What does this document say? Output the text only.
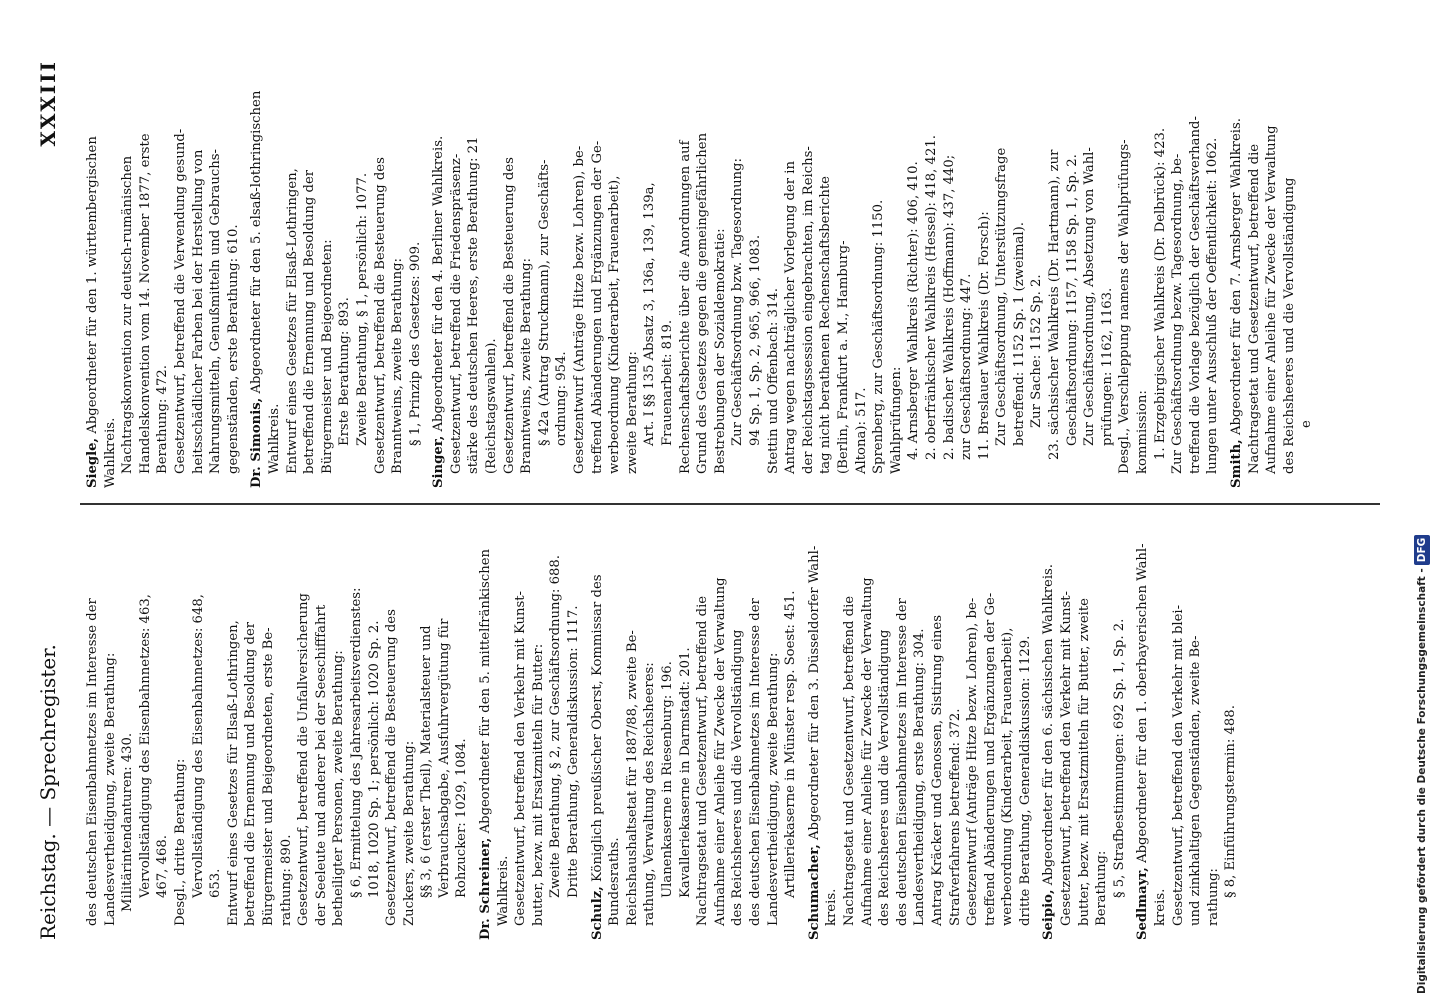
Reichstag. — Sprechregister.
XXXIII
des deutschen Eisenbahnnetzes im Interesse der Landesvertheidigung, zweite Berathung: Militärintendanturen: 430. Vervollständigung des Eisenbahnnetzes: 463, 467, 468. Desgl., dritte Berathung: Vervollständigung des Eisenbahnnetzes: 648, 653. Entwurf eines Gesetzes für Elsaß-Lothringen, betreffend die Ernennung und Besoldung der Bürgermeister und Beigeordneten, erste Be- rathung: 890. Gesetzentwurf, betreffend die Unfallversicherung der Seeleute und anderer bei der Seeschifffahrt betheiligter Personen, zweite Berathung: § 6, Ermittelung des Jahresarbeitsverdienstes: 1018, 1020 Sp. 1; persönlich: 1020 Sp. 2. Gesetzentwurf, betreffend die Besteuerung des Zuckers, zweite Berathung: §§ 3, 6 (erster Theil), Materialsteuer und Verbrauchsabgabe, Ausfuhrvergütung für Rohzucker: 1029, 1084. Dr. Schreiner, Abgeordneter für den 5. mittelfränkischen
Wahlkreis. Gesetzentwurf, betreffend den Verkehr mit Kunst- butter, bezw. mit Ersatzmitteln für Butter: Zweite Berathung, § 2, zur Geschäftsordnung: 688. Dritte Berathung, Generaldiskussion: 1117.
Schulz, Königlich preußischer Oberst, Kommissar des Bundesraths. Reichshaushaltsetat für 1887/88, zweite Be- rathung, Verwaltung des Reichsheeres: Ulanenkaserne in Riesenburg: 196. Kavalleriekaserne in Darmstadt: 201. Nachtragsetat und Gesetzentwurf, betreffend die Aufnahme einer Anleihe für Zwecke der Verwaltung des Reichsheeres und die Vervollständigung des deutschen Eisenbahnnetzes im Interesse der Landesvertheidigung, zweite Berathung: Artilleriekaserne in Münster resp. Soest: 451. Schumacher, Abgeordneter für den 3. Düsseldorfer Wahl-
kreis. Nachtragsetat und Gesetzentwurf, betreffend die Aufnahme einer Anleihe für Zwecke der Verwaltung des Reichsheeres und die Vervollständigung des deutschen Eisenbahnnetzes im Interesse der Landesvertheidigung, erste Berathung: 304. Antrag Kräcker und Genossen, Sistirung eines Strafverfahrens betreffend: 372. Gesetzentwurf (Anträge Hitze bezw. Lohren), be- treffend Abänderungen und Ergänzungen der Ge- werbeordnung (Kinderarbeit, Frauenarbeit), dritte Berathung, Generaldiskussion: 1129. Seipio, Abgeordneter für den 6. sächsischen Wahlkreis. Gesetzentwurf, betreffend den Verkehr mit Kunst- butter, bezw. mit Ersatzmitteln für Butter, zweite Berathung: § 5, Strafbestimmungen: 692 Sp. 1, Sp. 2.
Sedlmayr, Abgeordneter für den 1. oberbayerischen Wahl-
kreis. Gesetzentwurf, betreffend den Verkehr mit blei- und zinkhaltigen Gegenständen, zweite Be- rathung: § 8, Einführungstermin: 488.
Siegle, Abgeordneter für den 1. württembergischen Wahlkreis. Nachtragskonvention zur deutsch-rumänischen Handelskonvention vom 14. November 1877, erste Berathung: 472. Gesetzentwurf, betreffend die Verwendung gesund- heitsschädlicher Farben bei der Herstellung von Nahrungsmitteln, Genußmitteln und Gebrauchs- gegenständen, erste Berathung: 610. Dr. Simonis, Abgeordneter für den 5. elsaß-lothringischen
Wahlkreis. Entwurf eines Gesetzes für Elsaß-Lothringen, betreffend die Ernennung und Besoldung der Bürgermeister und Beigeordneten: Erste Berathung: 893. Zweite Berathung, § 1, persönlich: 1077. Gesetzentwurf, betreffend die Besteuerung des Branntweins, zweite Berathung: § 1, Prinzip des Gesetzes: 909.
Singer, Abgeordneter für den 4. Berliner Wahlkreis. Gesetzentwurf, betreffend die Friedenspräsenz- stärke des deutschen Heeres, erste Berathung: 21 (Reichstagswahlen). Gesetzentwurf, betreffend die Besteuerung des Branntweins, zweite Berathung: § 42a (Antrag Struckmann), zur Geschäfts- ordnung: 954. Gesetzentwurf (Anträge Hitze bezw. Lohren), be- treffend Abänderungen und Ergänzungen der Ge- werbeordnung (Kinderarbeit, Frauenarbeit), zweite Berathung: Art. I §§ 135 Absatz 3, 136a, 139, 139a, Frauenarbeit: 819. Rechenschaftsberichte über die Anordnungen auf Grund des Gesetzes gegen die gemeingefährlichen Bestrebungen der Sozialdemokratie: Zur Geschäftsordnung bzw. Tagesordnung: 94 Sp. 1, Sp. 2, 965, 966, 1083. Stettin und Offenbach: 314. Antrag wegen nachträglicher Vorlegung der in der Reichstagssession eingebrachten, im Reichs- tag nicht berathenen Rechenschaftsberichte (Berlin, Frankfurt a. M., Hamburg- Altona): 517. Sprenberg, zur Geschäftsordnung: 1150. Wahlprüfungen: 4. Arnsberger Wahlkreis (Richter): 406, 410. 2. oberfränkischer Wahlkreis (Hessel): 418, 421. 2. badischer Wahlkreis (Hoffmann): 437, 440; zur Geschäftsordnung: 447. 11. Breslauer Wahlkreis (Dr. Forsch): Zur Geschäftsordnung, Unterstützungsfrage betreffend: 1152 Sp. 1 (zweimal). Zur Sache: 1152 Sp. 2. 23. sächsischer Wahlkreis (Dr. Hartmann), zur Geschäftsordnung: 1157, 1158 Sp. 1, Sp. 2. Zur Geschäftsordnung, Absetzung von Wahl- prüfungen: 1162, 1163. Desgl., Verschleppung namens der Wahlprüfungs- kommission: 1. Erzgebirgischer Wahlkreis (Dr. Delbrück): 423. Zur Geschäftsordnung bezw. Tagesordnung, be- treffend die Vorlage bezüglich der Geschäftsverhand- lungen unter Ausschluß der Oeffentlichkeit: 1062. Smith, Abgeordneter für den 7. Arnsberger Wahlkreis. Nachtragsetat und Gesetzentwurf, betreffend die Aufnahme einer Anleihe für Zwecke der Verwaltung des Reichsheeres und die Vervollständigung e
Digitalisierung gefördert durch die Deutsche Forschungsgemeinschaft -DFG
